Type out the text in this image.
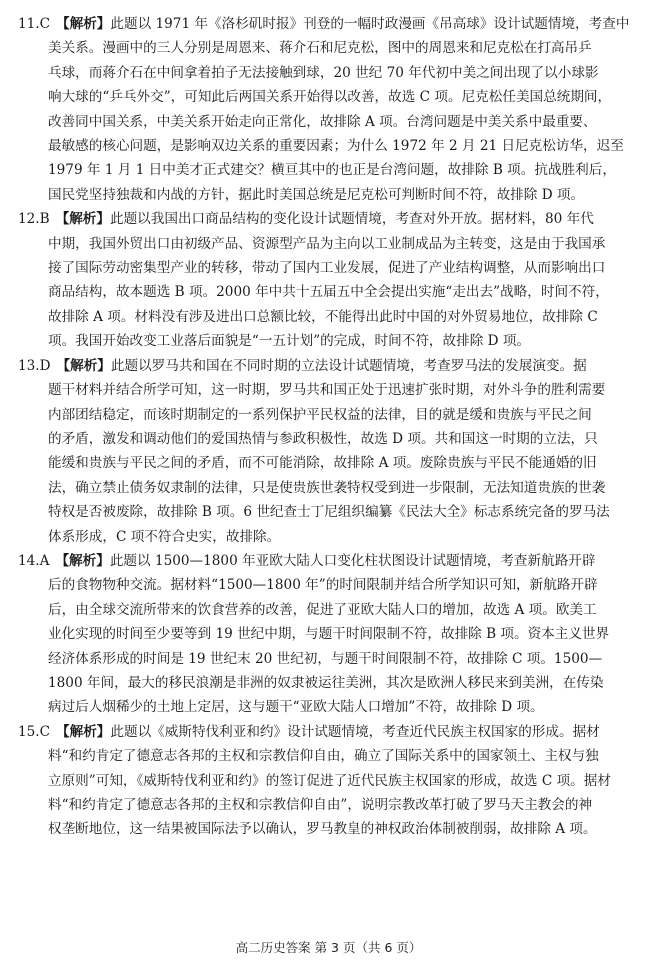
11.C 【解析】此题以 1971 年《洛杉矶时报》刊登的一幅时政漫画《吊高球》设计试题情境，考查中
美关系。漫画中的三人分别是周恩来、蒋介石和尼克松，图中的周恩来和尼克松在打高吊乒
乓球，而蒋介石在中间拿着拍子无法接触到球，20 世纪 70 年代初中美之间出现了以小球影
响大球的“乒乓外交”，可知此后两国关系开始得以改善，故选 C 项。尼克松任美国总统期间，
改善同中国关系，中美关系开始走向正常化，故排除 A 项。台湾问题是中美关系中最重要、
最敏感的核心问题，是影响双边关系的重要因素；为什么 1972 年 2 月 21 日尼克松访华，迟至
1979 年 1 月 1 日中美才正式建交？横亘其中的也正是台湾问题，故排除 B 项。抗战胜利后，
国民党坚持独裁和内战的方针，据此时美国总统是尼克松可判断时间不符，故排除 D 项。
12.B 【解析】此题以我国出口商品结构的变化设计试题情境，考查对外开放。据材料，80 年代
中期，我国外贸出口由初级产品、资源型产品为主向以工业制成品为主转变，这是由于我国承
接了国际劳动密集型产业的转移，带动了国内工业发展，促进了产业结构调整，从而影响出口
商品结构，故本题选 B 项。2000 年中共十五届五中全会提出实施“走出去”战略，时间不符，
故排除 A 项。材料没有涉及进出口总额比较，不能得出此时中国的对外贸易地位，故排除 C
项。我国开始改变工业落后面貌是“一五计划”的完成，时间不符，故排除 D 项。
13.D 【解析】此题以罗马共和国在不同时期的立法设计试题情境，考查罗马法的发展演变。据
题干材料并结合所学可知，这一时期，罗马共和国正处于迅速扩张时期，对外斗争的胜利需要
内部团结稳定，而该时期制定的一系列保护平民权益的法律，目的就是缓和贵族与平民之间
的矛盾，激发和调动他们的爱国热情与参政积极性，故选 D 项。共和国这一时期的立法，只
能缓和贵族与平民之间的矛盾，而不可能消除，故排除 A 项。废除贵族与平民不能通婚的旧
法，确立禁止债务奴隶制的法律，只是使贵族世袭特权受到进一步限制，无法知道贵族的世袭
特权是否被废除，故排除 B 项。6 世纪查士丁尼组织编纂《民法大全》标志系统完备的罗马法
体系形成，C 项不符合史实，故排除。
14.A 【解析】此题以 1500—1800 年亚欧大陆人口变化柱状图设计试题情境，考查新航路开辟
后的食物物种交流。据材料“1500—1800 年”的时间限制并结合所学知识可知，新航路开辟
后，由全球交流所带来的饮食营养的改善，促进了亚欧大陆人口的增加，故选 A 项。欧美工
业化实现的时间至少要等到 19 世纪中期，与题干时间限制不符，故排除 B 项。资本主义世界
经济体系形成的时间是 19 世纪末 20 世纪初，与题干时间限制不符，故排除 C 项。1500—
1800 年间，最大的移民浪潮是非洲的奴隶被运往美洲，其次是欧洲人移民来到美洲，在传染
病过后人烟稀少的土地上定居，这与题干“亚欧大陆人口增加”不符，故排除 D 项。
15.C 【解析】此题以《威斯特伐利亚和约》设计试题情境，考查近代民族主权国家的形成。据材
料“和约肯定了德意志各邦的主权和宗教信仰自由，确立了国际关系中的国家领土、主权与独
立原则”可知，《威斯特伐利亚和约》的签订促进了近代民族主权国家的形成，故选 C 项。据材
料“和约肯定了德意志各邦的主权和宗教信仰自由”，说明宗教改革打破了罗马天主教会的神
权垄断地位，这一结果被国际法予以确认，罗马教皇的神权政治体制被削弱，故排除 A 项。
高二历史答案 第 3 页（共 6 页）
